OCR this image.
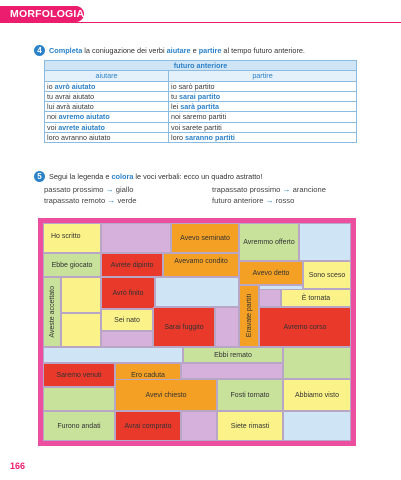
MORFOLOGIA
4 Completa la coniugazione dei verbi aiutare e partire al tempo futuro anteriore.
futuro anteriore	
aiutare	partire
io avrò aiutato	io sarò partito
tu avrai aiutato	tu sarai partito
lui avrà aiutato	lei sarà partita
noi avremo aiutato	noi saremo partiti
voi avrete aiutato	voi sarete partiti
loro avranno aiutato	loro saranno partiti
5 Segui la legenda e colora le voci verbali: ecco un quadro astratto!
passato prossimo → giallo	trapassato prossimo → arancione
trapassato remoto → verde	futuro anteriore → rosso
Ho scritto	Avevo seminato
Avremmo offerto
Ebbe giocato	Avrete dipinto	Avevamo condito
Avevo detto	Sono sceso
Aveste accettato	Avrò finito
Sei nato
Sarai fuggito	Eravate partiti	È tornata
Avremo corso
Ebbi remato
Saremo venuti	Ero caduta
Avevi chiesto	Fosti tornato	Abbiamo visto
Furono andati	Avrai comprato	Siete rimasti
166
